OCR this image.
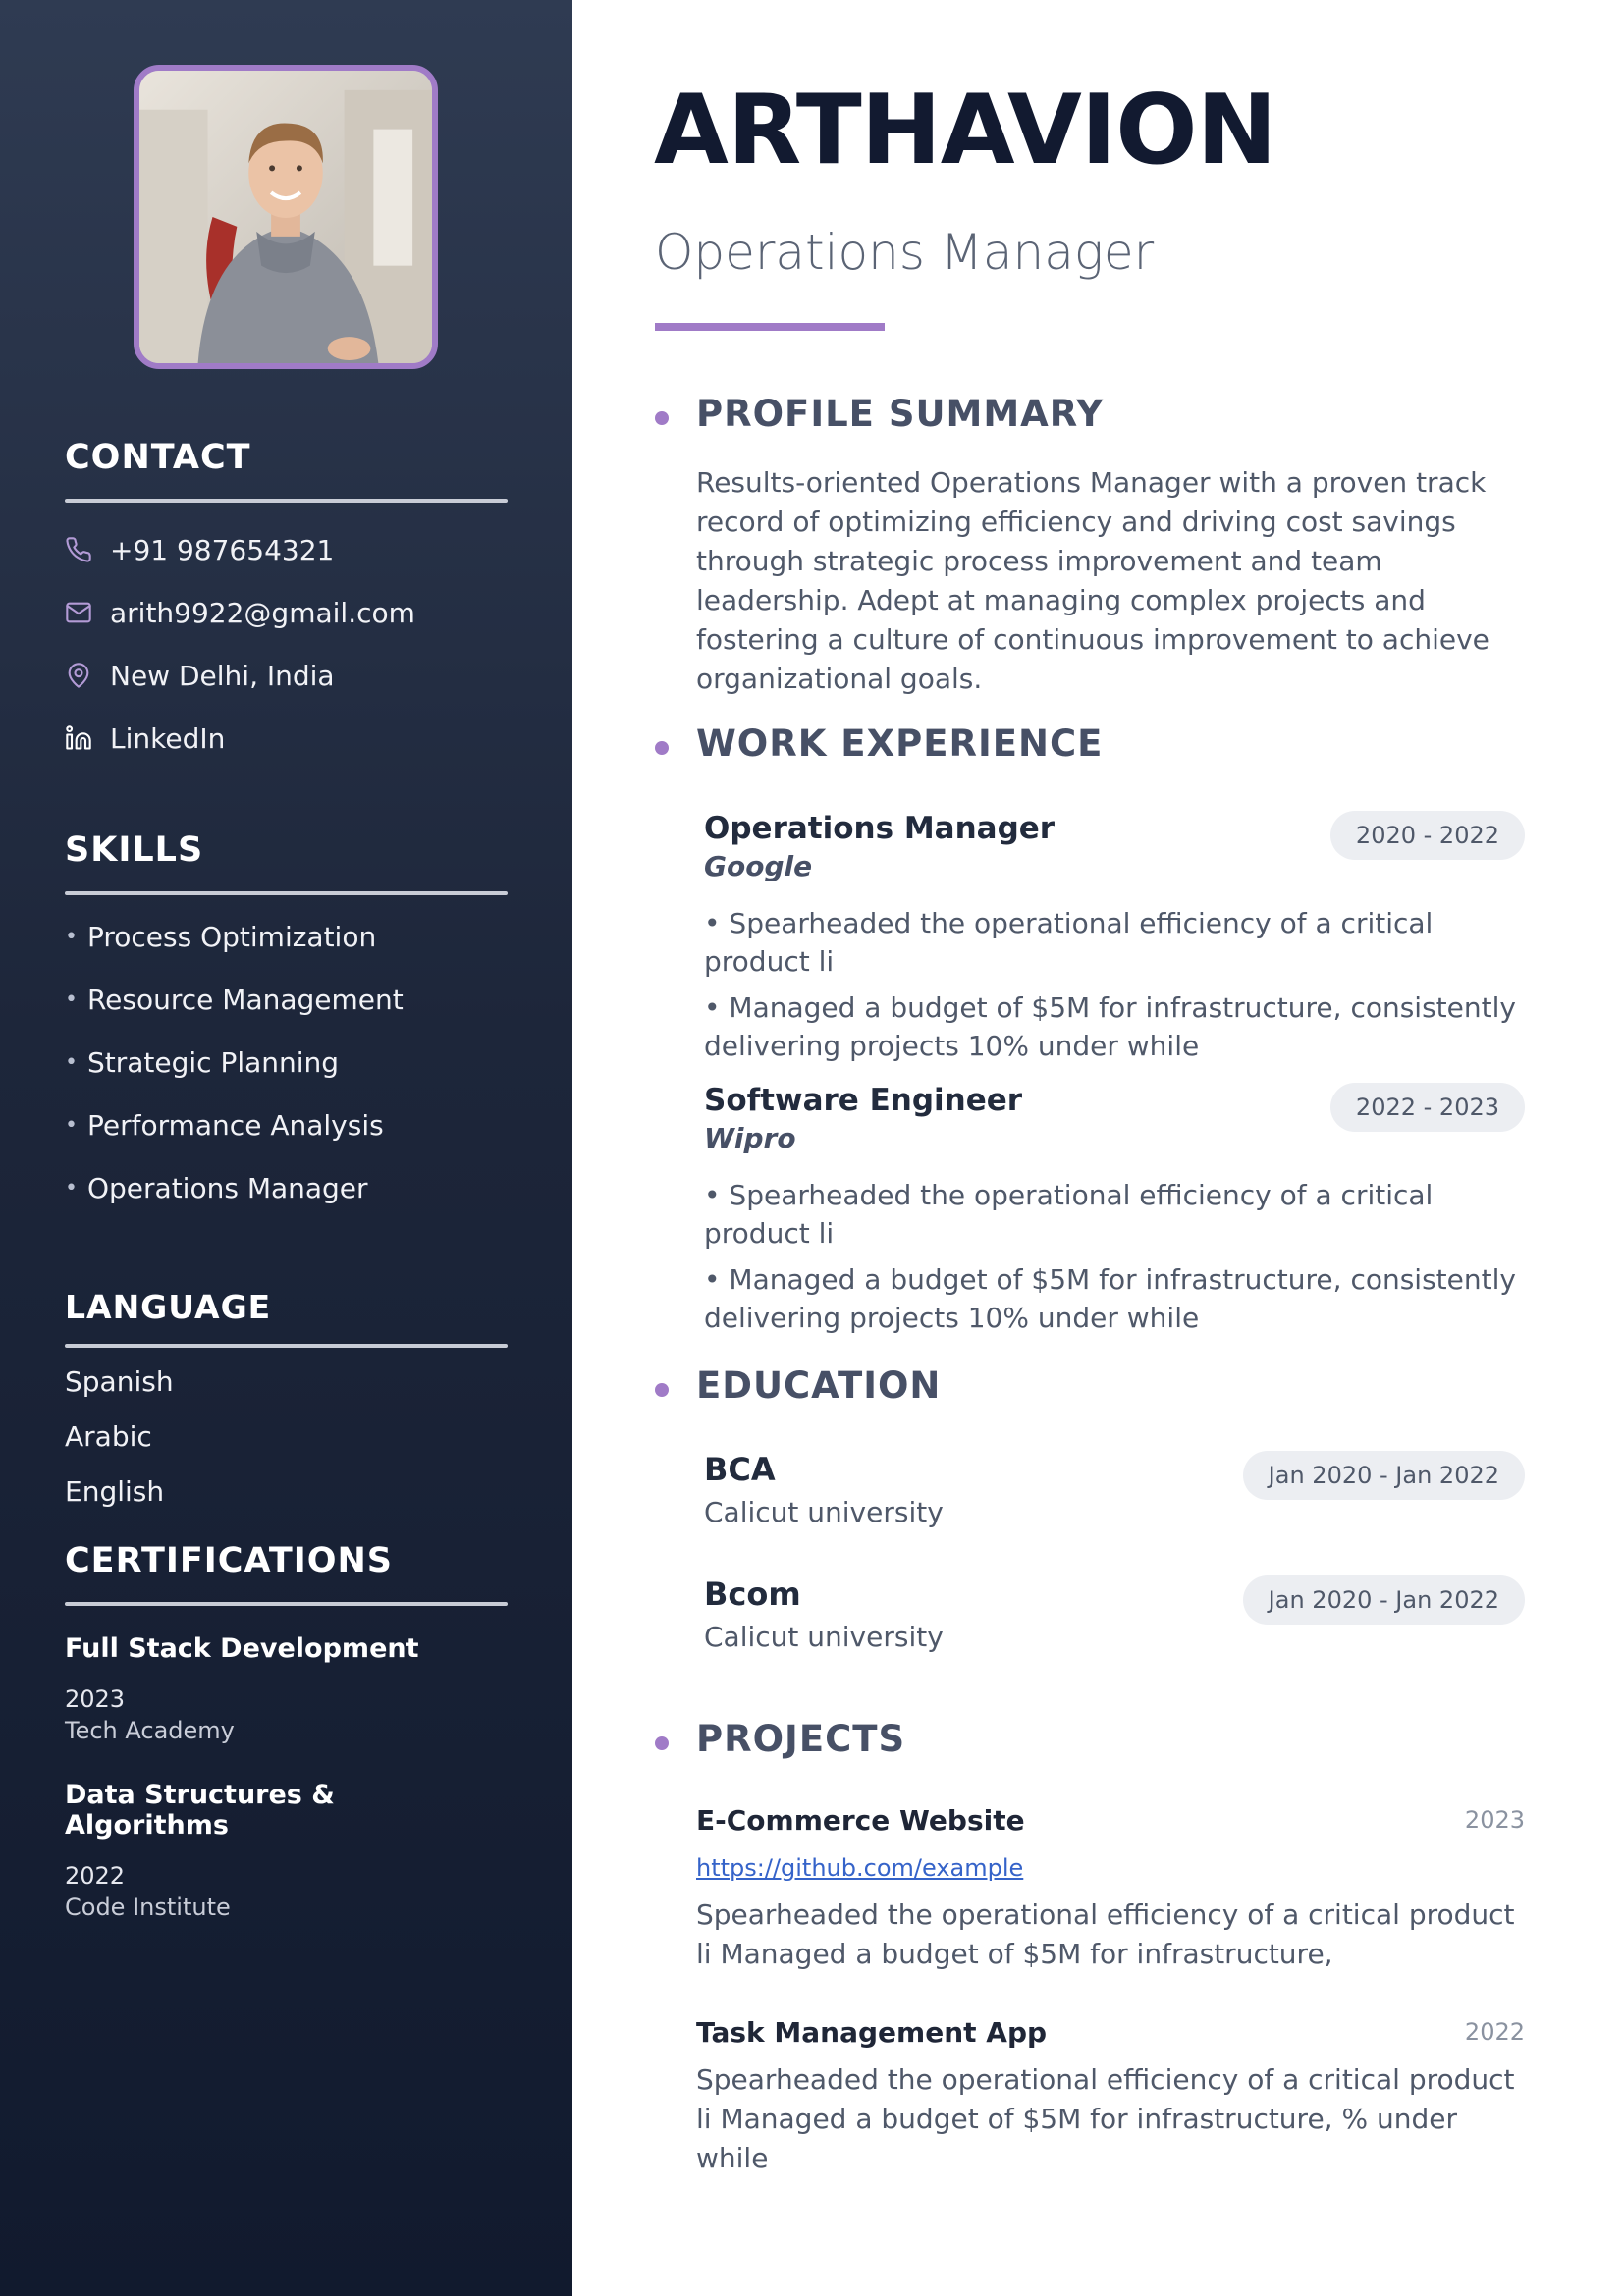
CONTACT
+91 987654321
arith9922@gmail.com
New Delhi, India
LinkedIn
SKILLS
• Process Optimization
• Resource Management
• Strategic Planning
• Performance Analysis
• Operations Manager
LANGUAGE
Spanish
Arabic
English
CERTIFICATIONS
Full Stack Development
2023
Tech Academy
Data Structures & Algorithms
2022
Code Institute
ARTHAVION
Operations Manager
PROFILE SUMMARY
Results-oriented Operations Manager with a proven track record of optimizing efficiency and driving cost savings through strategic process improvement and team leadership. Adept at managing complex projects and fostering a culture of continuous improvement to achieve organizational goals.
WORK EXPERIENCE
Operations Manager
Google
2020 - 2022
• Spearheaded the operational efficiency of a critical product li
• Managed a budget of $5M for infrastructure, consistently delivering projects 10% under while
Software Engineer
Wipro
2022 - 2023
• Spearheaded the operational efficiency of a critical product li
• Managed a budget of $5M for infrastructure, consistently delivering projects 10% under while
EDUCATION
BCA
Calicut university
Jan 2020 - Jan 2022
Bcom
Calicut university
Jan 2020 - Jan 2022
PROJECTS
E-Commerce Website	2023
https://github.com/example
Spearheaded the operational efficiency of a critical product li Managed a budget of $5M for infrastructure,
Task Management App	2022
Spearheaded the operational efficiency of a critical product li Managed a budget of $5M for infrastructure, % under while
